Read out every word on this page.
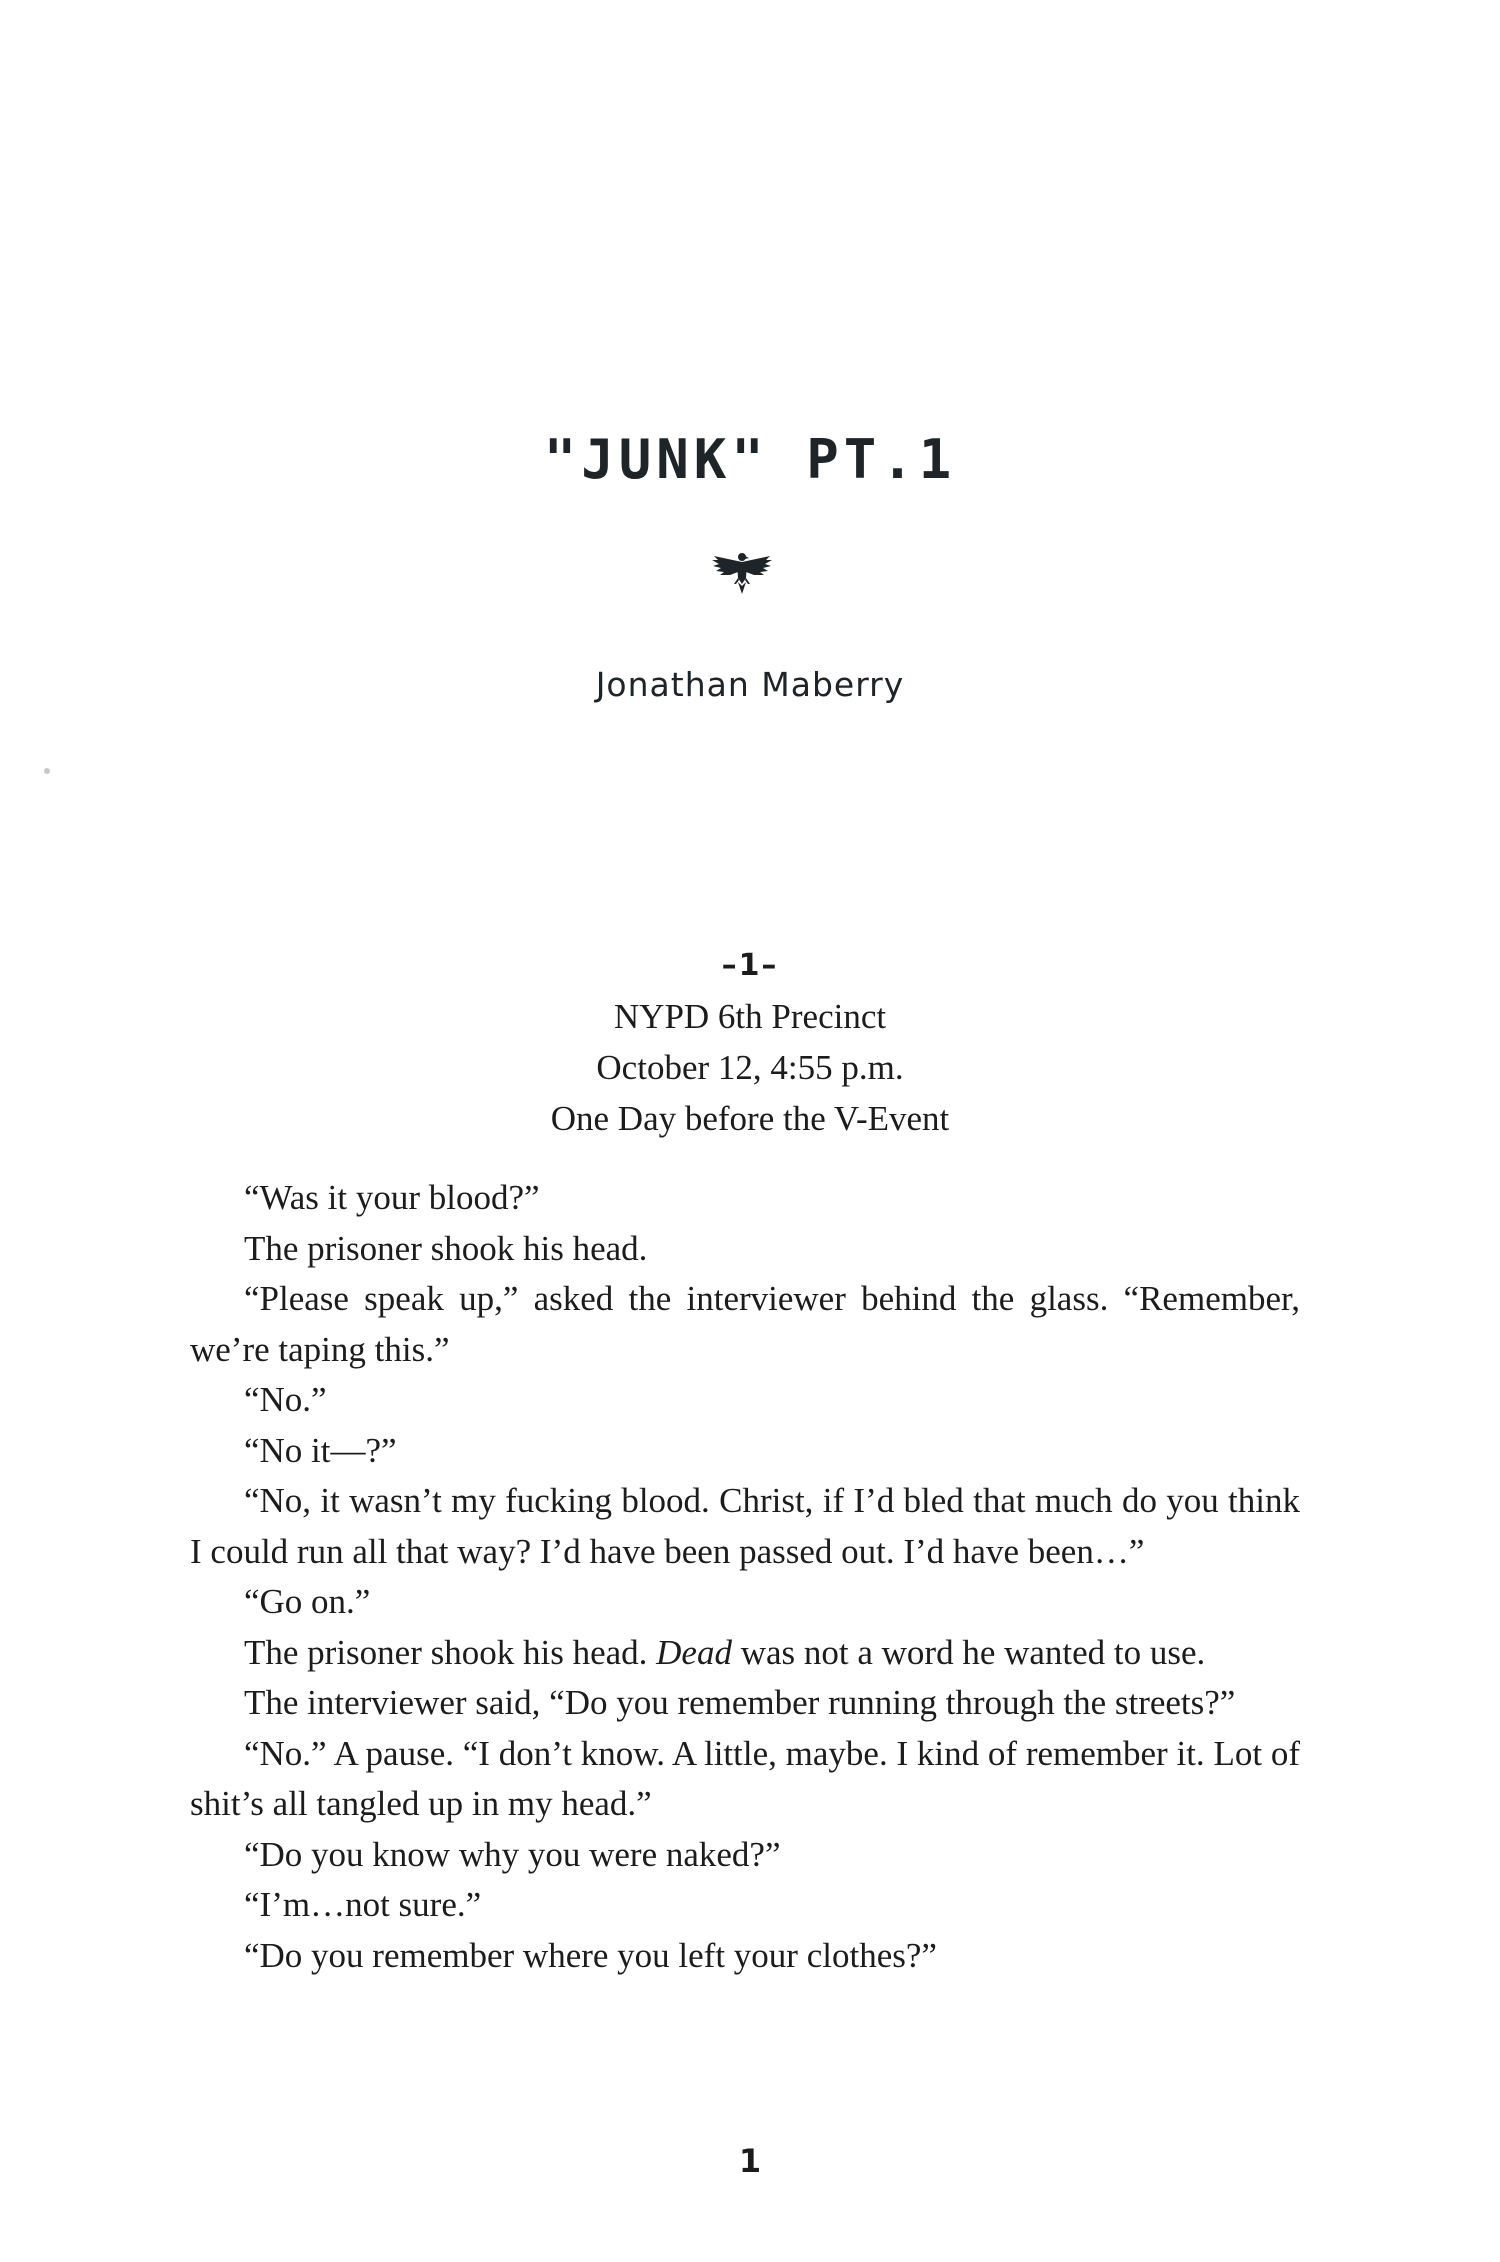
"JUNK" PT.1
Jonathan Maberry
–1–
NYPD 6th Precinct
October 12, 4:55 p.m.
One Day before the V-Event

“Was it your blood?”

The prisoner shook his head.

“Please speak up,” asked the interviewer behind the glass. “Remember, we’re taping this.”

“No.”

“No it—?”

“No, it wasn’t my fucking blood. Christ, if I’d bled that much do you think I could run all that way? I’d have been passed out. I’d have been…”

“Go on.”

The prisoner shook his head. Dead was not a word he wanted to use.

The interviewer said, “Do you remember running through the streets?”

“No.” A pause. “I don’t know. A little, maybe. I kind of remember it. Lot of shit’s all tangled up in my head.”

“Do you know why you were naked?”

“I’m…not sure.”

“Do you remember where you left your clothes?”

1
